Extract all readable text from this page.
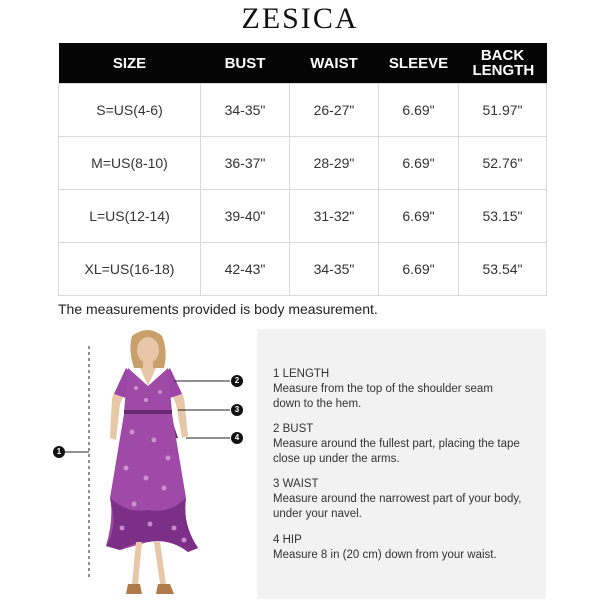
ZESICA
SIZE	BUST	WAIST	SLEEVE	BACK LENGTH
S=US(4-6)	34-35"	26-27"	6.69"	51.97"
M=US(8-10)	36-37"	28-29"	6.69"	52.76"
L=US(12-14)	39-40"	31-32"	6.69"	53.15"
XL=US(16-18)	42-43"	34-35"	6.69"	53.54"
The measurements provided is body measurement.
1
2
3
4
1 LENGTH
Measure from the top of the shoulder seam down to the hem.
2 BUST
Measure around the fullest part, placing the tape close up under the arms.
3 WAIST
Measure around the narrowest part of your body, under your navel.
4 HIP
Measure 8 in (20 cm) down from your waist.
